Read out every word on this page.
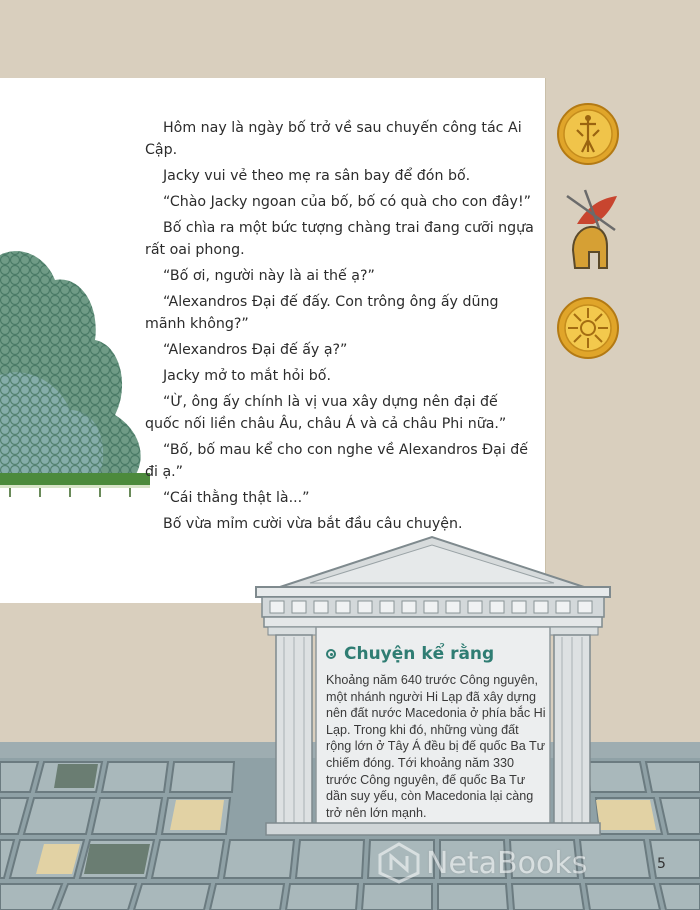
Hôm nay là ngày bố trở về sau chuyến công tác Ai Cập.

Jacky vui vẻ theo mẹ ra sân bay để đón bố.

“Chào Jacky ngoan của bố, bố có quà cho con đây!”

Bố chìa ra một bức tượng chàng trai đang cưỡi ngựa rất oai phong.

“Bố ơi, người này là ai thế ạ?”

“Alexandros Đại đế đấy. Con trông ông ấy dũng mãnh không?”

“Alexandros Đại đế ấy ạ?”

Jacky mở to mắt hỏi bố.

“Ừ, ông ấy chính là vị vua xây dựng nên đại đế quốc nối liền châu Âu, châu Á và cả châu Phi nữa.”

“Bố, bố mau kể cho con nghe về Alexandros Đại đế đi ạ.”

“Cái thằng thật là...”

Bố vừa mỉm cười vừa bắt đầu câu chuyện.

Chuyện kể rằng

Khoảng năm 640 trước Công nguyên, một nhánh người Hi Lạp đã xây dựng nên đất nước Macedonia ở phía bắc Hi Lạp. Trong khi đó, những vùng đất rộng lớn ở Tây Á đều bị đế quốc Ba Tư chiếm đóng. Tới khoảng năm 330 trước Công nguyên, đế quốc Ba Tư dần suy yếu, còn Macedonia lại càng trở nên lớn mạnh.

NetaBooks	5
